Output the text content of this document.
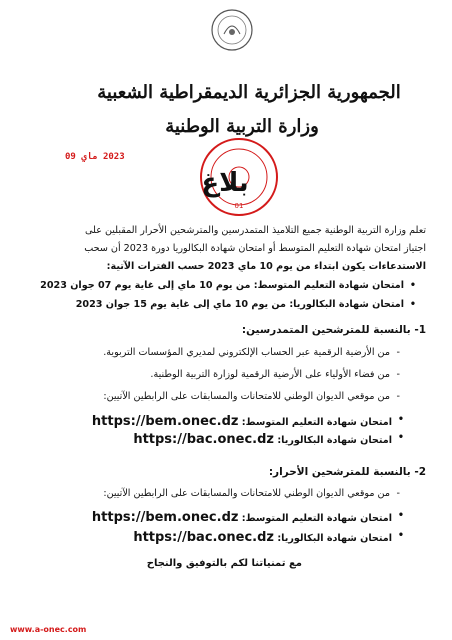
الجمهورية الجزائرية الديمقراطية الشعبية
وزارة التربية الوطنية
2023 ماي 09
01
بلاغ
تعلم وزارة التربية الوطنية جميع التلاميذ المتمدرسين والمترشحين الأحرار المقبلين على
اجتياز امتحان شهادة التعليم المتوسط أو امتحان شهادة البكالوريا دورة 2023 أن سحب
الاستدعاءات يكون ابتداء من يوم 10 ماي 2023 حسب الفترات الآتية:
• امتحان شهادة التعليم المتوسط: من يوم 10 ماي إلى غاية يوم 07 جوان 2023
• امتحان شهادة البكالوريا: من يوم 10 ماي إلى غاية يوم 15 جوان 2023
1- بالنسبة للمترشحين المتمدرسين:
- من الأرضية الرقمية عبر الحساب الإلكتروني لمديري المؤسسات التربوية.
- من فضاء الأولياء على الأرضية الرقمية لوزارة التربية الوطنية.
- من موقعي الديوان الوطني للامتحانات والمسابقات على الرابطين الآتيين:
• امتحان شهادة التعليم المتوسط: https://bem.onec.dz
• امتحان شهادة البكالوريا: https://bac.onec.dz
2- بالنسبة للمترشحين الأحرار:
- من موقعي الديوان الوطني للامتحانات والمسابقات على الرابطين الآتيين:
• امتحان شهادة التعليم المتوسط: https://bem.onec.dz
• امتحان شهادة البكالوريا: https://bac.onec.dz
مع تمنياتنا لكم بالتوفيق والنجاح
www.a-onec.com
